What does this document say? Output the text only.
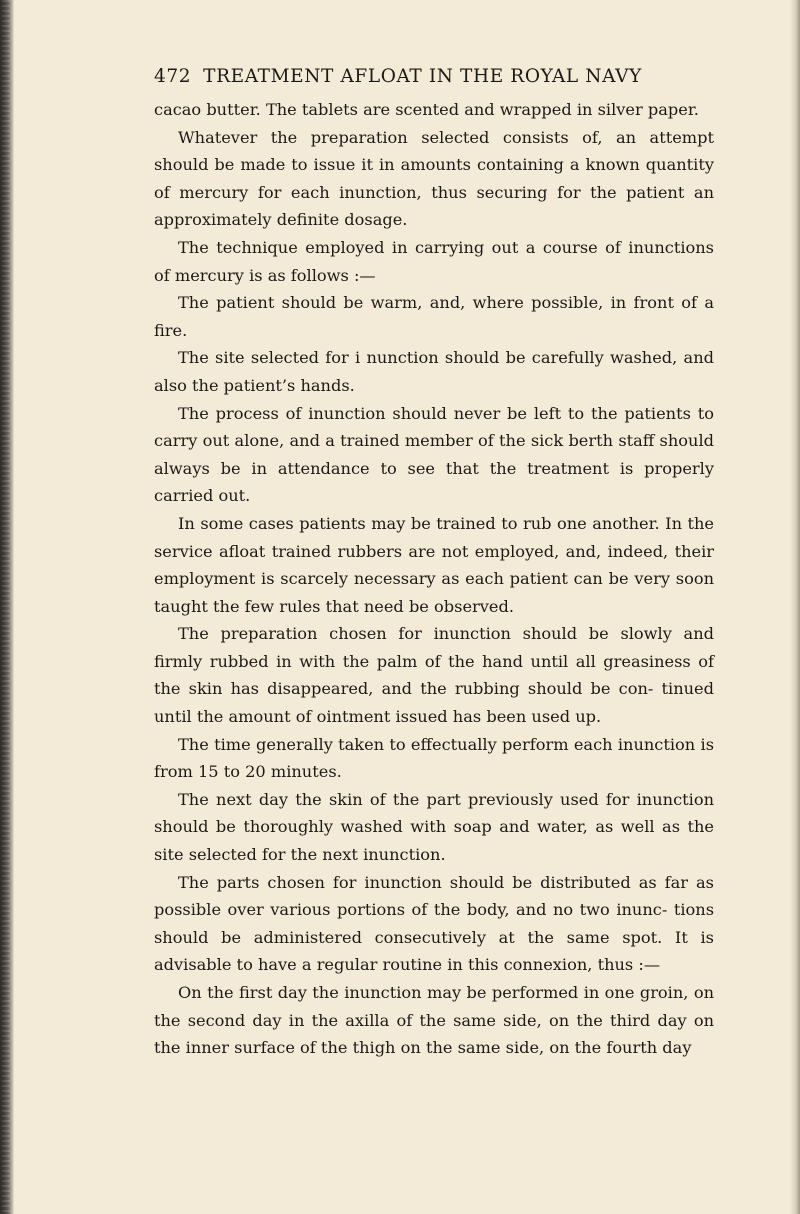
472 TREATMENT AFLOAT IN THE ROYAL NAVY

cacao butter. The tablets are scented and wrapped in silver paper.

Whatever the preparation selected consists of, an attempt should be made to issue it in amounts containing a known quantity of mercury for each inunction, thus securing for the patient an approximately definite dosage.

The technique employed in carrying out a course of inunctions of mercury is as follows :—

The patient should be warm, and, where possible, in front of a fire.

The site selected for i nunction should be carefully washed, and also the patient’s hands.

The process of inunction should never be left to the patients to carry out alone, and a trained member of the sick berth staff should always be in attendance to see that the treatment is properly carried out.

In some cases patients may be trained to rub one another. In the service afloat trained rubbers are not employed, and, indeed, their employment is scarcely necessary as each patient can be very soon taught the few rules that need be observed.

The preparation chosen for inunction should be slowly and firmly rubbed in with the palm of the hand until all greasiness of the skin has disappeared, and the rubbing should be con- tinued until the amount of ointment issued has been used up.

The time generally taken to effectually perform each inunction is from 15 to 20 minutes.

The next day the skin of the part previously used for inunction should be thoroughly washed with soap and water, as well as the site selected for the next inunction.

The parts chosen for inunction should be distributed as far as possible over various portions of the body, and no two inunc- tions should be administered consecutively at the same spot. It is advisable to have a regular routine in this connexion, thus :—

On the first day the inunction may be performed in one groin, on the second day in the axilla of the same side, on the third day on the inner surface of the thigh on the same side, on the fourth day
